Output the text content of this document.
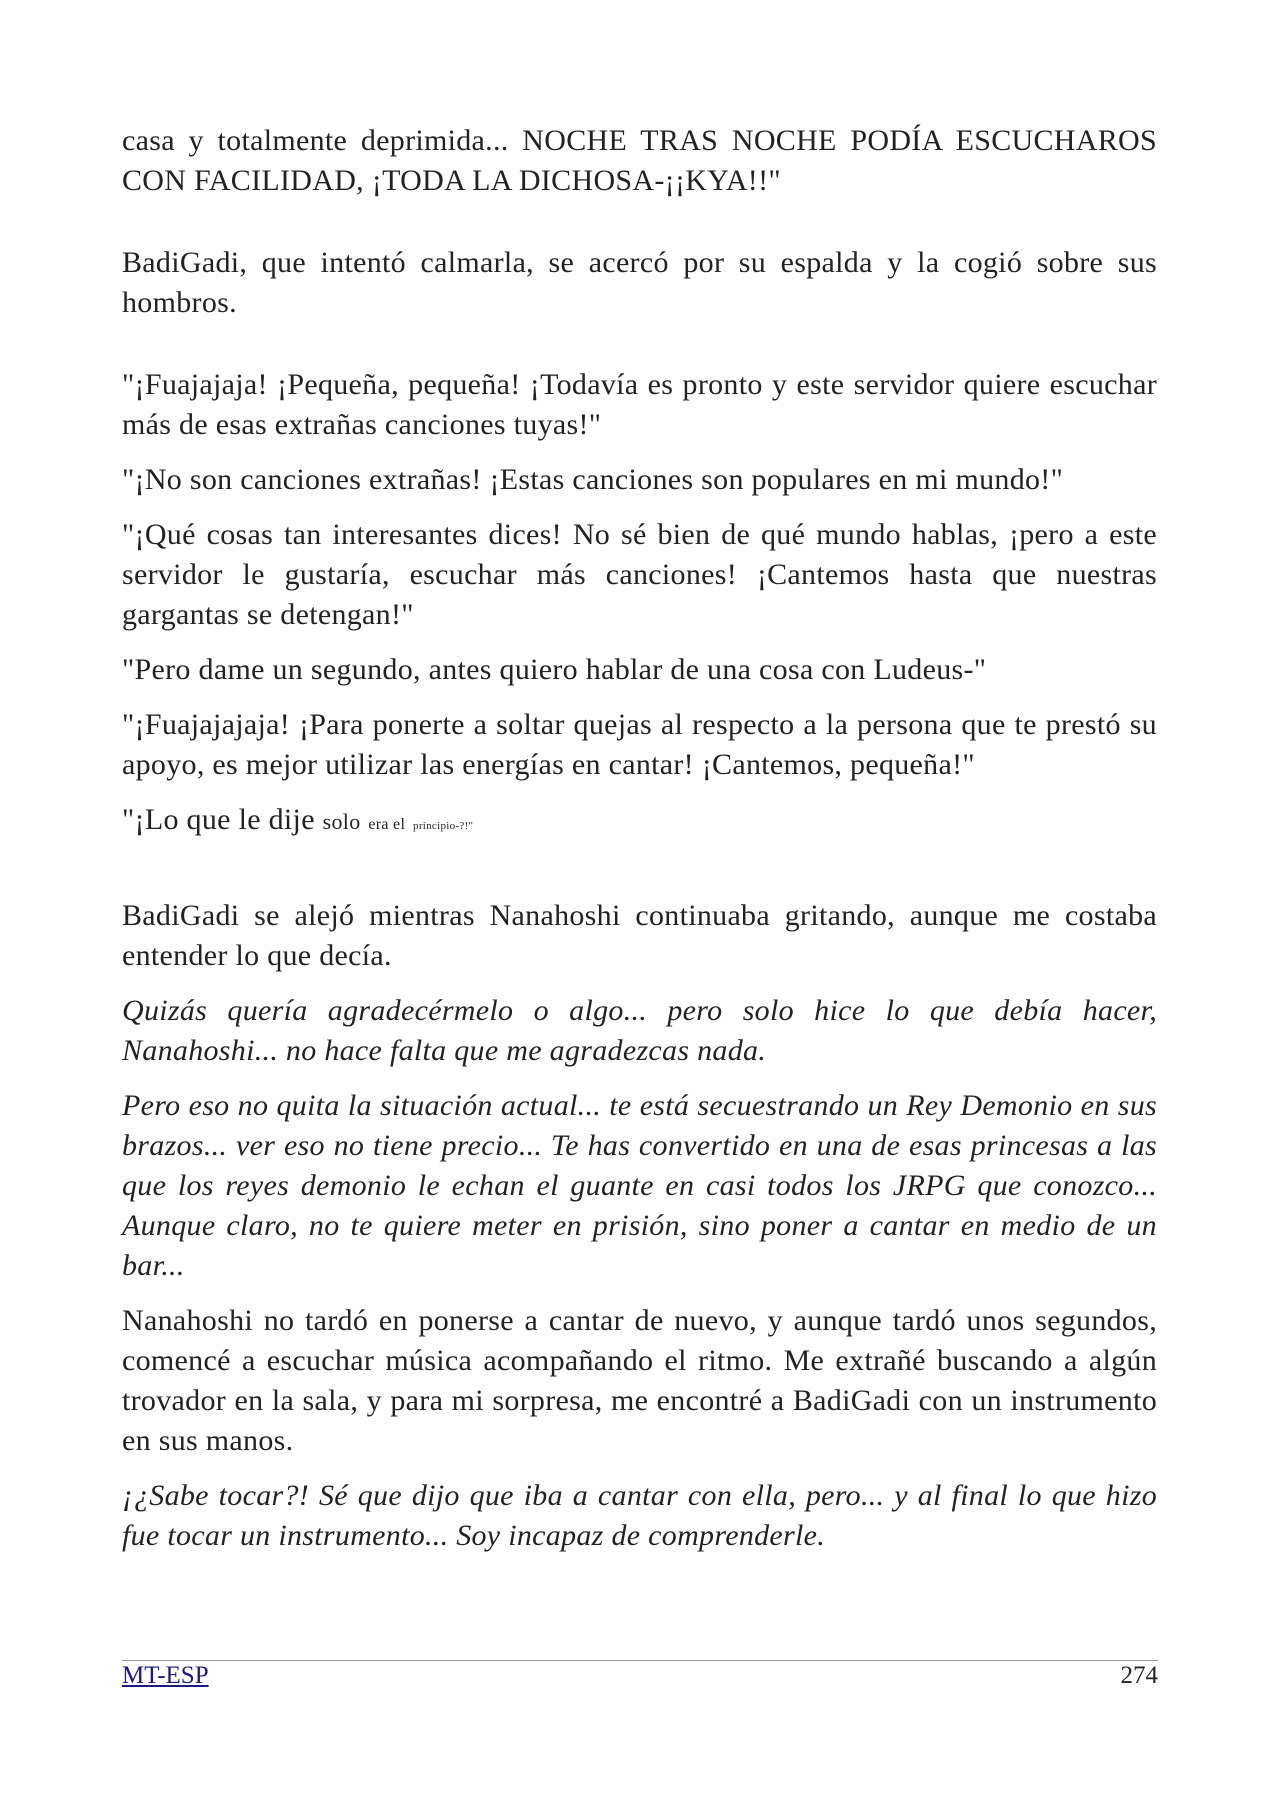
casa y totalmente deprimida... NOCHE TRAS NOCHE PODÍA ESCUCHAROS CON FACILIDAD, ¡TODA LA DICHOSA-¡¡KYA!!"

BadiGadi, que intentó calmarla, se acercó por su espalda y la cogió sobre sus hombros.

"¡Fuajajaja! ¡Pequeña, pequeña! ¡Todavía es pronto y este servidor quiere escuchar más de esas extrañas canciones tuyas!"

"¡No son canciones extrañas! ¡Estas canciones son populares en mi mundo!"

"¡Qué cosas tan interesantes dices! No sé bien de qué mundo hablas, ¡pero a este servidor le gustaría, escuchar más canciones! ¡Cantemos hasta que nuestras gargantas se detengan!"

"Pero dame un segundo, antes quiero hablar de una cosa con Ludeus-"

"¡Fuajajajaja! ¡Para ponerte a soltar quejas al respecto a la persona que te prestó su apoyo, es mejor utilizar las energías en cantar! ¡Cantemos, pequeña!"

"¡Lo que le dije solo era el principio-?!"

BadiGadi se alejó mientras Nanahoshi continuaba gritando, aunque me costaba entender lo que decía.

Quizás quería agradecérmelo o algo... pero solo hice lo que debía hacer, Nanahoshi... no hace falta que me agradezcas nada.

Pero eso no quita la situación actual... te está secuestrando un Rey Demonio en sus brazos... ver eso no tiene precio... Te has convertido en una de esas princesas a las que los reyes demonio le echan el guante en casi todos los JRPG que conozco... Aunque claro, no te quiere meter en prisión, sino poner a cantar en medio de un bar...

Nanahoshi no tardó en ponerse a cantar de nuevo, y aunque tardó unos segundos, comencé a escuchar música acompañando el ritmo. Me extrañé buscando a algún trovador en la sala, y para mi sorpresa, me encontré a BadiGadi con un instrumento en sus manos.

¡¿Sabe tocar?! Sé que dijo que iba a cantar con ella, pero... y al final lo que hizo fue tocar un instrumento... Soy incapaz de comprenderle.

MT-ESP	274
